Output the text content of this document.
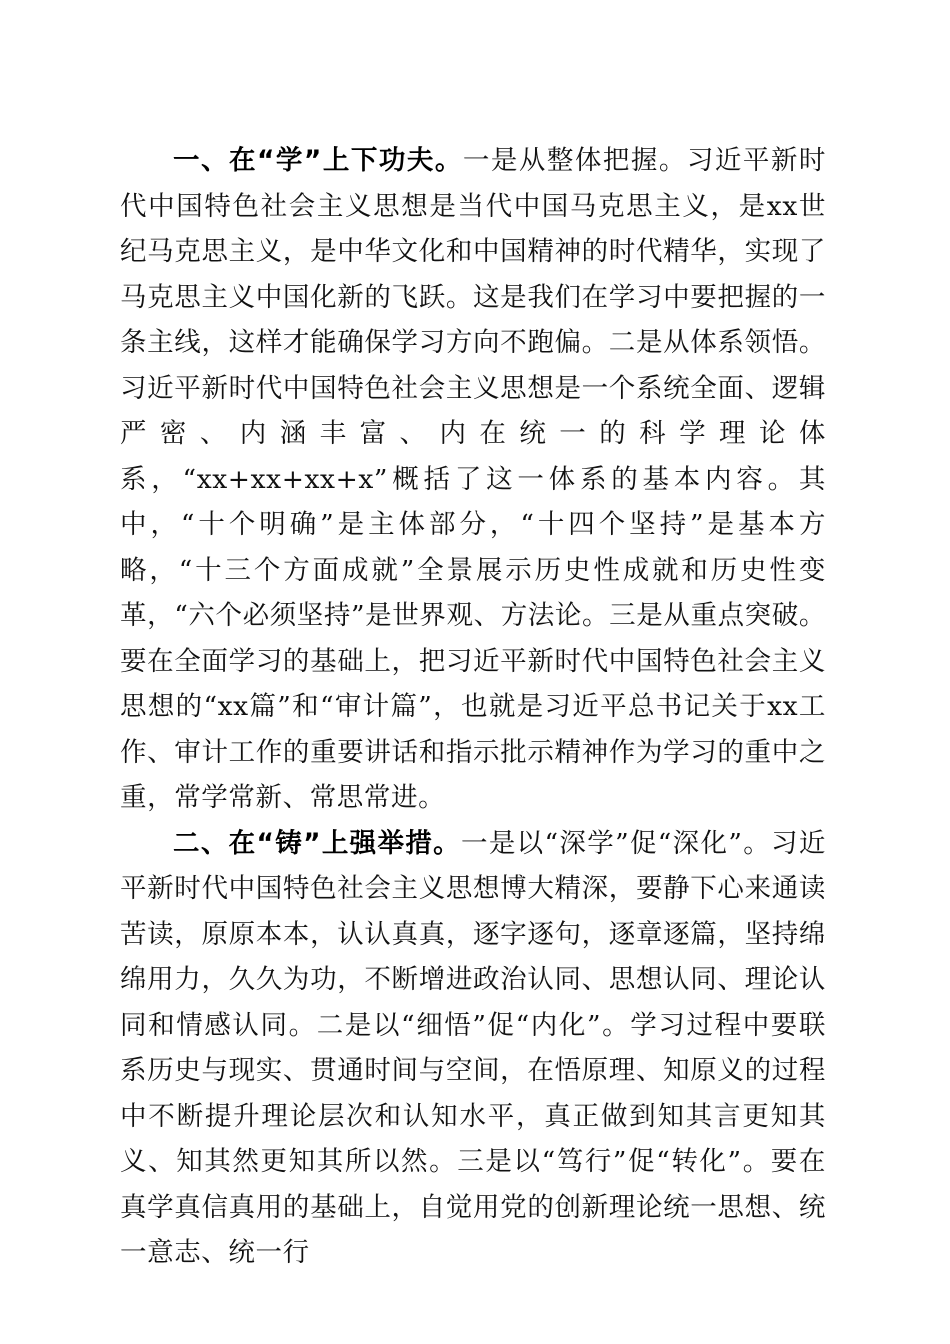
一、在“学”上下功夫。一是从整体把握。习近平新时代中国特色社会主义思想是当代中国马克思主义，是xx世纪马克思主义，是中华文化和中国精神的时代精华，实现了马克思主义中国化新的飞跃。这是我们在学习中要把握的一条主线，这样才能确保学习方向不跑偏。二是从体系领悟。习近平新时代中国特色社会主义思想是一个系统全面、逻辑严密、内涵丰富、内在统一的科学理论体系，“xx+xx+xx+x”概括了这一体系的基本内容。其中，“十个明确”是主体部分，“十四个坚持”是基本方略，“十三个方面成就”全景展示历史性成就和历史性变革，“六个必须坚持”是世界观、方法论。三是从重点突破。要在全面学习的基础上，把习近平新时代中国特色社会主义思想的“xx篇”和“审计篇”，也就是习近平总书记关于xx工作、审计工作的重要讲话和指示批示精神作为学习的重中之重，常学常新、常思常进。

二、在“铸”上强举措。一是以“深学”促“深化”。习近平新时代中国特色社会主义思想博大精深，要静下心来通读苦读，原原本本，认认真真，逐字逐句，逐章逐篇，坚持绵绵用力，久久为功，不断增进政治认同、思想认同、理论认同和情感认同。二是以“细悟”促“内化”。学习过程中要联系历史与现实、贯通时间与空间，在悟原理、知原义的过程中不断提升理论层次和认知水平，真正做到知其言更知其义、知其然更知其所以然。三是以“笃行”促“转化”。要在真学真信真用的基础上，自觉用党的创新理论统一思想、统一意志、统一行
